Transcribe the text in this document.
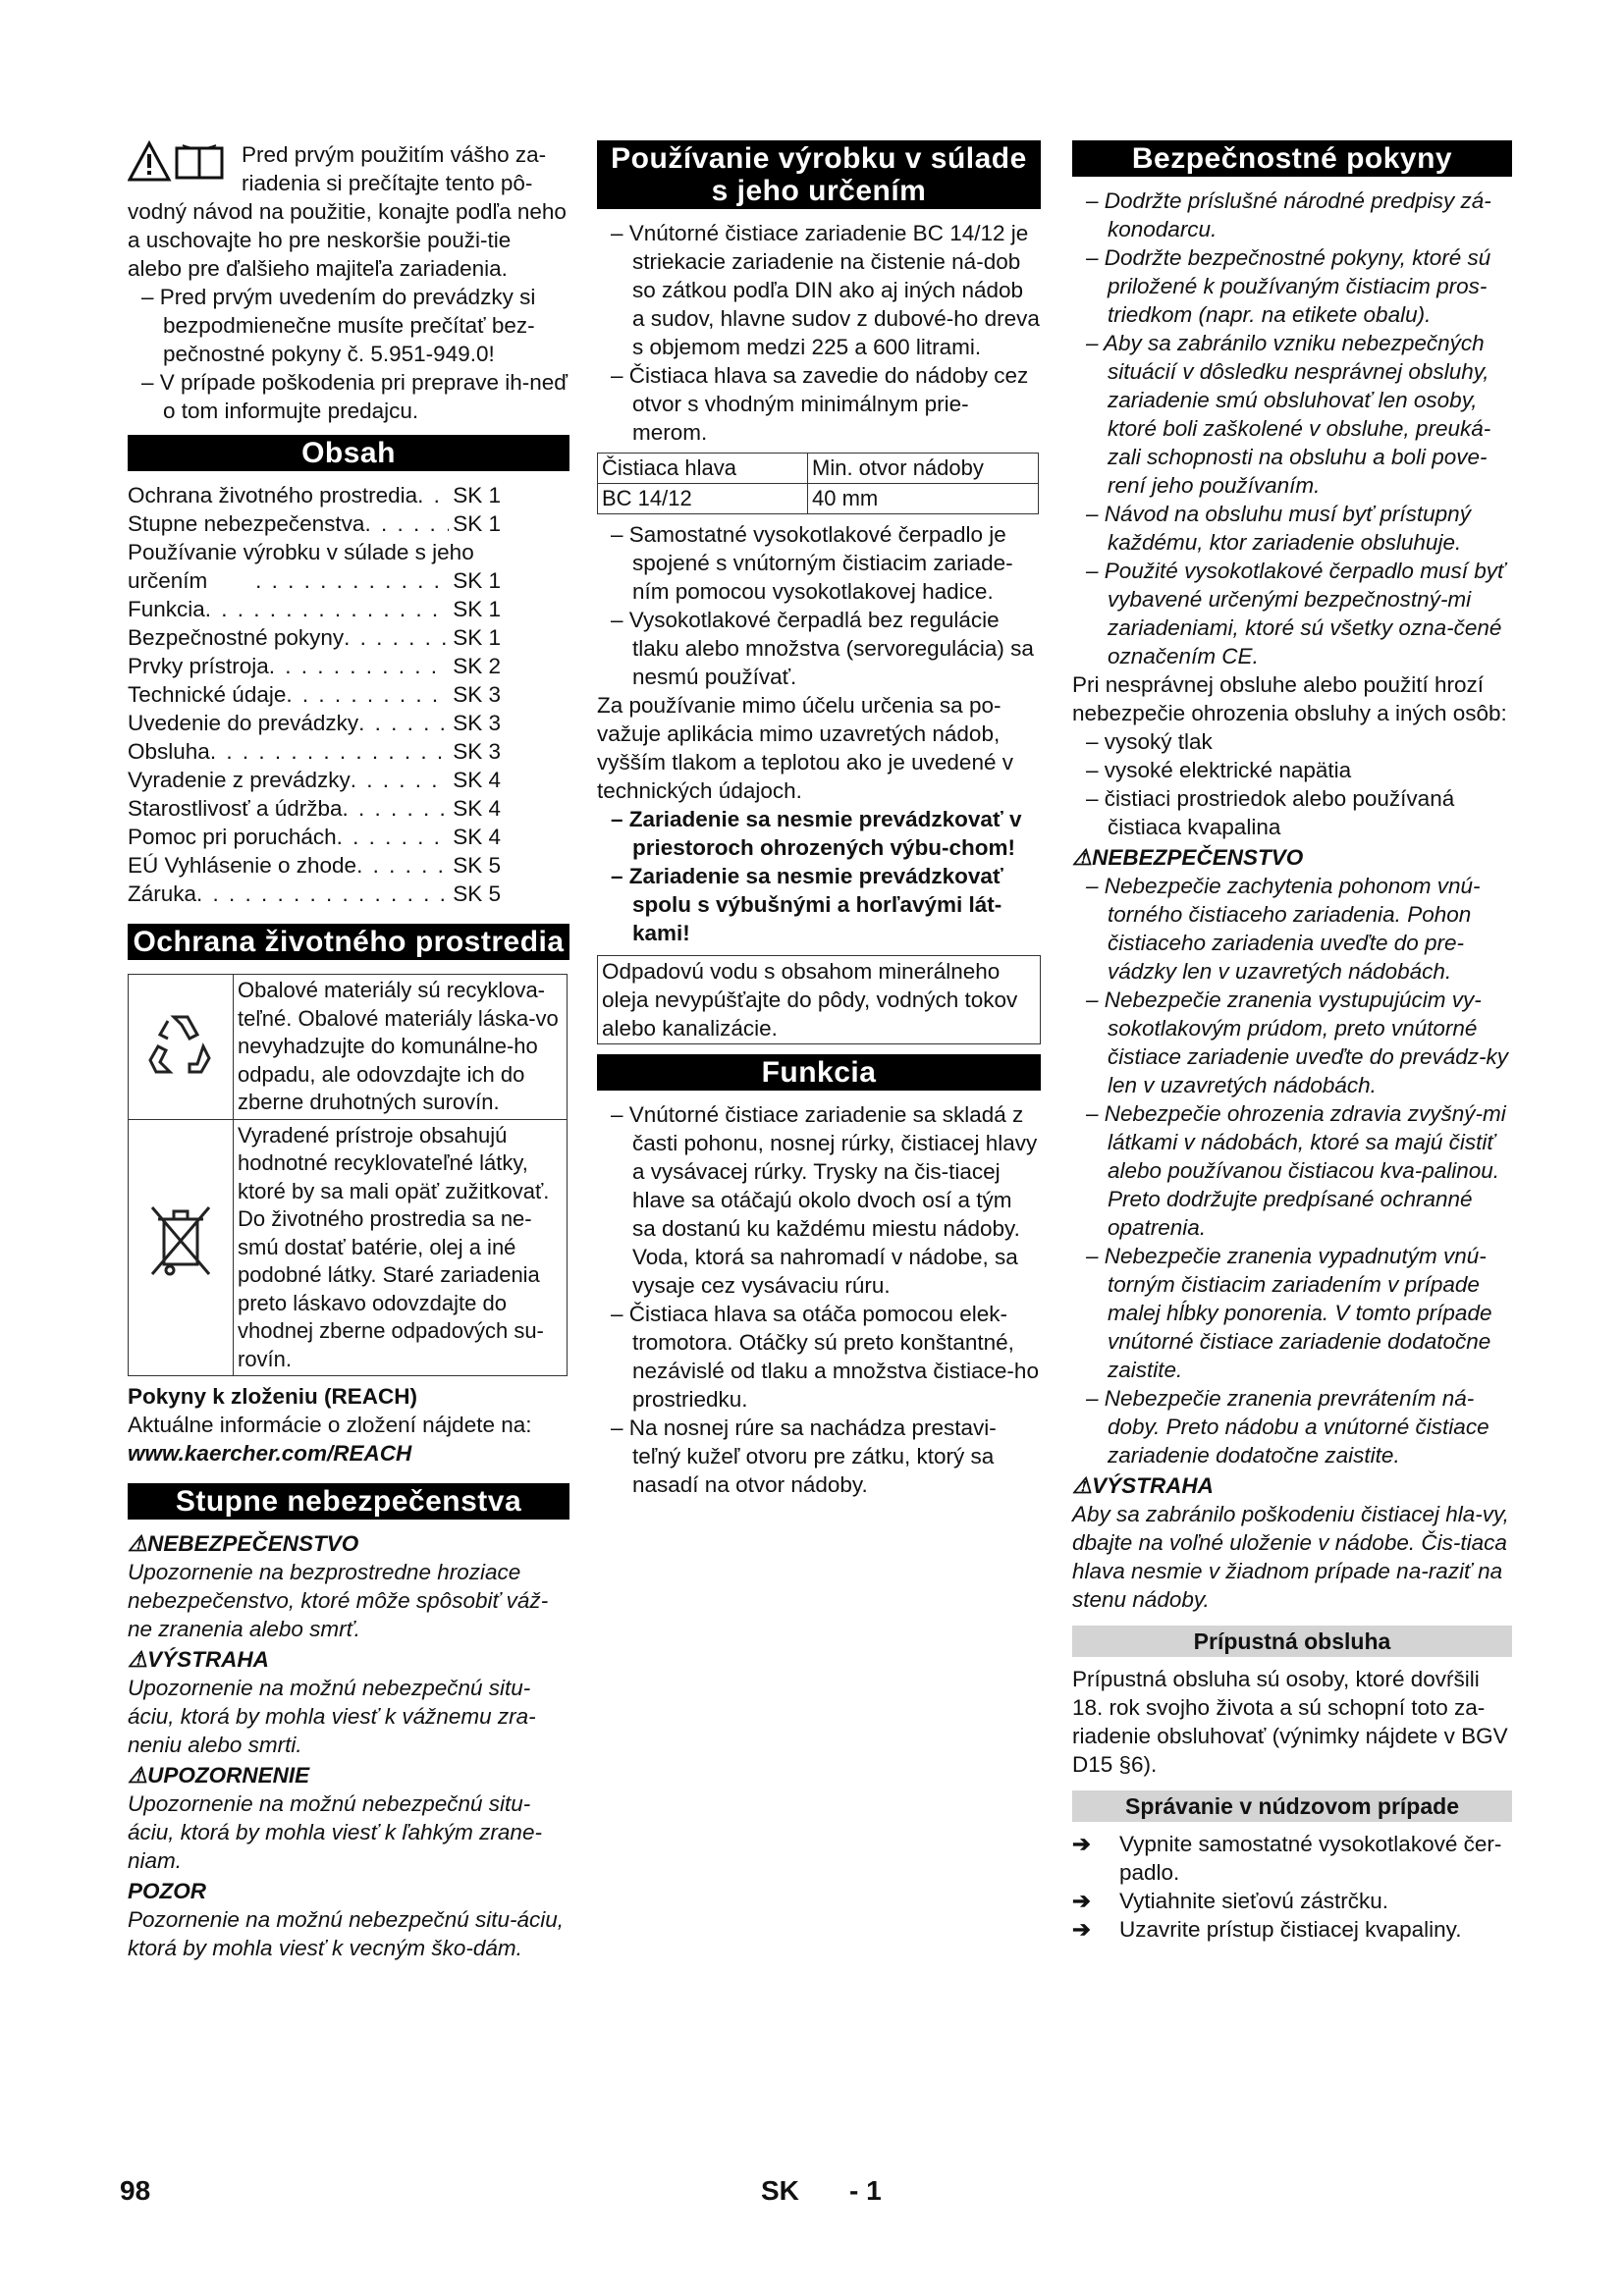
Pred prvým použitím vášho za-riadenia si prečítajte tento pô-vodný návod na použitie, konajte podľa neho a uschovajte ho pre neskoršie použi-tie alebo pre ďalšieho majiteľa zariadenia.

– Pred prvým uvedením do prevádzky si bezpodmienečne musíte prečítať bez-pečnostné pokyny č. 5.951-949.0!

– V prípade poškodenia pri preprave ih-neď o tom informujte predajcu.

Obsah
Ochrana životného prostredia . . . SK 1
Stupne nebezpečenstva . . .	SK 1
Používanie výrobku v súlade s jeho určením . . .	SK 1
Funkcia . . .	SK 1
Bezpečnostné pokyny . . .	SK 1
Prvky prístroja . . .	SK 2
Technické údaje . . .	SK 3
Uvedenie do prevádzky . . .	SK 3
Obsluha . . .	SK 3
Vyradenie z prevádzky . . .	SK 4
Starostlivosť a údržba . . .	SK 4
Pomoc pri poruchách . . .	SK 4
EÚ Vyhlásenie o zhode . . .	SK 5
Záruka . . .	SK 5
Ochrana životného prostredia
	Obalové materiály sú recyklova-teľné. Obalové materiály láska-vo nevyhadzujte do komunálne-ho odpadu, ale odovzdajte ich do zberne druhotných surovín.
	Vyradené prístroje obsahujú hodnotné recyklovateľné látky, ktoré by sa mali opäť zužitkovať. Do životného prostredia sa ne-smú dostať batérie, olej a iné podobné látky. Staré zariadenia preto láskavo odovzdajte do vhodnej zberne odpadových su-rovín.

Pokyny k zloženiu (REACH)

Aktuálne informácie o zložení nájdete na:

www.kaercher.com/REACH

Stupne nebezpečenstva

⚠NEBEZPEČENSTVO

Upozornenie na bezprostredne hroziace nebezpečenstvo, ktoré môže spôsobiť váž-ne zranenia alebo smrť.

⚠VÝSTRAHA

Upozornenie na možnú nebezpečnú situ-áciu, ktorá by mohla viesť k vážnemu zra-neniu alebo smrti.

⚠UPOZORNENIE

Upozornenie na možnú nebezpečnú situ-áciu, ktorá by mohla viesť k ľahkým zrane-niam.

POZOR

Pozornenie na možnú nebezpečnú situ-áciu, ktorá by mohla viesť k vecným ško-dám.

Používanie výrobku v súlade
s jeho určením

– Vnútorné čistiace zariadenie BC 14/12 je striekacie zariadenie na čistenie ná-dob so zátkou podľa DIN ako aj iných nádob a sudov, hlavne sudov z dubové-ho dreva s objemom medzi 225 a 600 litrami.

– Čistiaca hlava sa zavedie do nádoby cez otvor s vhodným minimálnym prie-merom.

Čistiaca hlava	Min. otvor nádoby
BC 14/12	40 mm

– Samostatné vysokotlakové čerpadlo je spojené s vnútorným čistiacim zariade-ním pomocou vysokotlakovej hadice.

– Vysokotlakové čerpadlá bez regulácie tlaku alebo množstva (servoregulácia) sa nesmú používať.

Za používanie mimo účelu určenia sa po-važuje aplikácia mimo uzavretých nádob, vyšším tlakom a teplotou ako je uvedené v technických údajoch.

– Zariadenie sa nesmie prevádzkovať v priestoroch ohrozených výbu-chom!

– Zariadenie sa nesmie prevádzkovať spolu s výbušnými a horľavými lát-kami!

Odpadovú vodu s obsahom minerálneho oleja nevypúšťajte do pôdy, vodných tokov alebo kanalizácie.
Funkcia

– Vnútorné čistiace zariadenie sa skladá z časti pohonu, nosnej rúrky, čistiacej hlavy a vysávacej rúrky. Trysky na čis-tiacej hlave sa otáčajú okolo dvoch osí a tým sa dostanú ku každému miestu nádoby. Voda, ktorá sa nahromadí v nádobe, sa vysaje cez vysávaciu rúru.

– Čistiaca hlava sa otáča pomocou elek-tromotora. Otáčky sú preto konštantné, nezávislé od tlaku a množstva čistiace-ho prostriedku.

– Na nosnej rúre sa nachádza prestavi-teľný kužeľ otvoru pre zátku, ktorý sa nasadí na otvor nádoby.

Bezpečnostné pokyny

– Dodržte príslušné národné predpisy zá-konodarcu.

– Dodržte bezpečnostné pokyny, ktoré sú priložené k používaným čistiacim pros-triedkom (napr. na etikete obalu).

– Aby sa zabránilo vzniku nebezpečných situácií v dôsledku nesprávnej obsluhy, zariadenie smú obsluhovať len osoby, ktoré boli zaškolené v obsluhe, preuká-zali schopnosti na obsluhu a boli pove-rení jeho používaním.

– Návod na obsluhu musí byť prístupný každému, ktor zariadenie obsluhuje.

– Použité vysokotlakové čerpadlo musí byť vybavené určenými bezpečnostný-mi zariadeniami, ktoré sú všetky ozna-čené označením CE.

Pri nesprávnej obsluhe alebo použití hrozí nebezpečie ohrozenia obsluhy a iných osôb:

– vysoký tlak

– vysoké elektrické napätia

– čistiaci prostriedok alebo používaná čistiaca kvapalina

⚠NEBEZPEČENSTVO

– Nebezpečie zachytenia pohonom vnú-torného čistiaceho zariadenia. Pohon čistiaceho zariadenia uveďte do pre-vádzky len v uzavretých nádobách.

– Nebezpečie zranenia vystupujúcim vy-sokotlakovým prúdom, preto vnútorné čistiace zariadenie uveďte do prevádz-ky len v uzavretých nádobách.

– Nebezpečie ohrozenia zdravia zvyšný-mi látkami v nádobách, ktoré sa majú čistiť alebo používanou čistiacou kva-palinou. Preto dodržujte predpísané ochranné opatrenia.

– Nebezpečie zranenia vypadnutým vnú-torným čistiacim zariadením v prípade malej hĺbky ponorenia. V tomto prípade vnútorné čistiace zariadenie dodatočne zaistite.

– Nebezpečie zranenia prevrátením ná-doby. Preto nádobu a vnútorné čistiace zariadenie dodatočne zaistite.

⚠VÝSTRAHA

Aby sa zabránilo poškodeniu čistiacej hla-vy, dbajte na voľné uloženie v nádobe. Čis-tiaca hlava nesmie v žiadnom prípade na-raziť na stenu nádoby.

Prípustná obsluha

Prípustná obsluha sú osoby, ktoré dovŕšili 18. rok svojho života a sú schopní toto za-riadenie obsluhovať (výnimky nájdete v BGV D15 §6).

Správanie v núdzovom prípade

➔ Vypnite samostatné vysokotlakové čer-padlo.

➔ Vytiahnite sieťovú zástrčku.

➔ Uzavrite prístup čistiacej kvapaliny.

98	SK - 1
